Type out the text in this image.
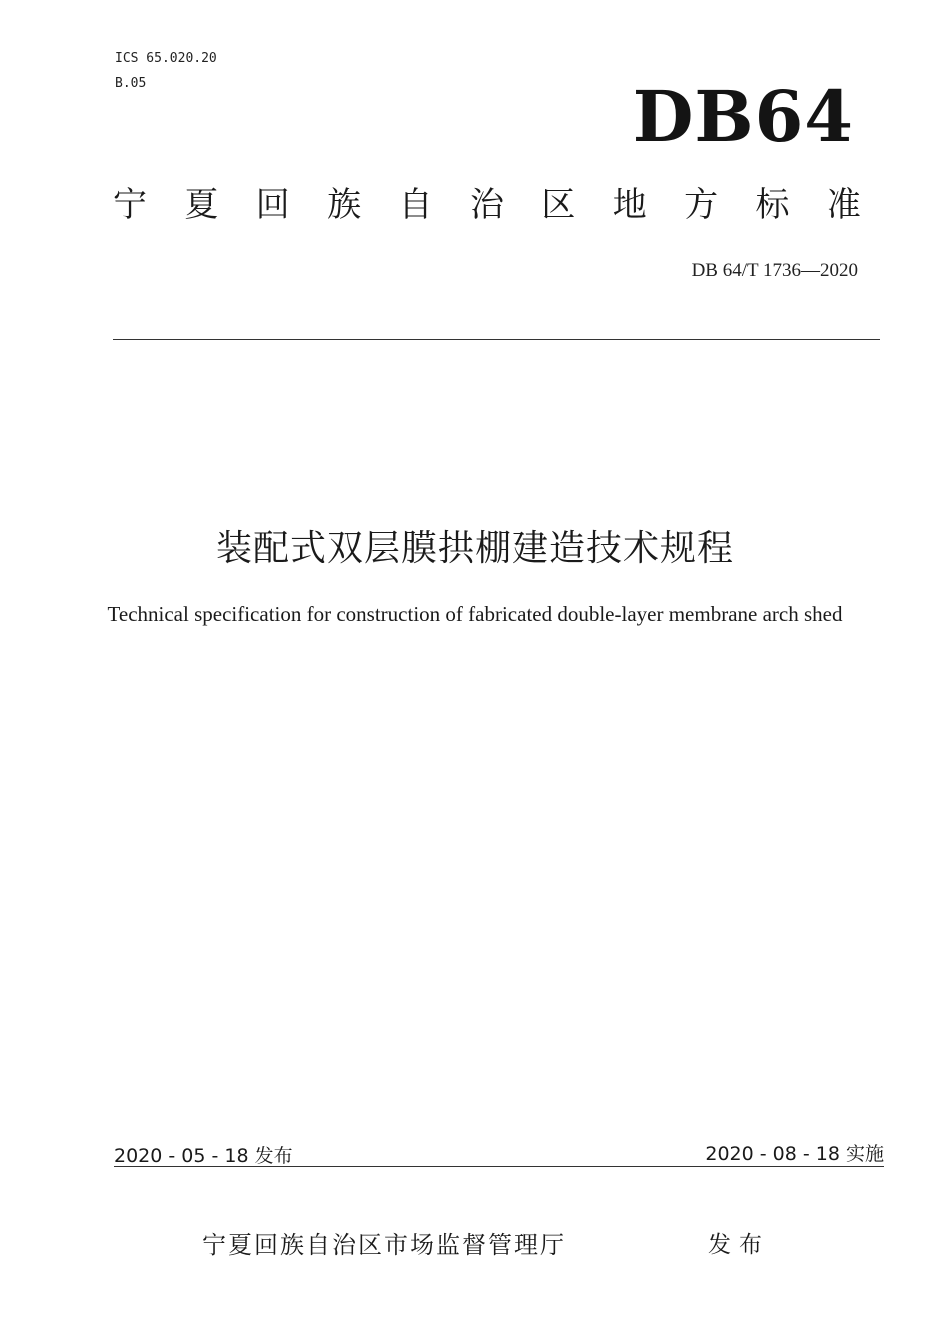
ICS 65.020.20
B.05	DB64
宁 夏 回 族 自 治 区 地 方 标 准
DB 64/T 1736—2020
装配式双层膜拱棚建造技术规程
Technical specification for construction of fabricated double-layer membrane arch shed
2020 - 05 - 18 发布	2020 - 08 - 18 实施
宁夏回族自治区市场监督管理厅	发布
